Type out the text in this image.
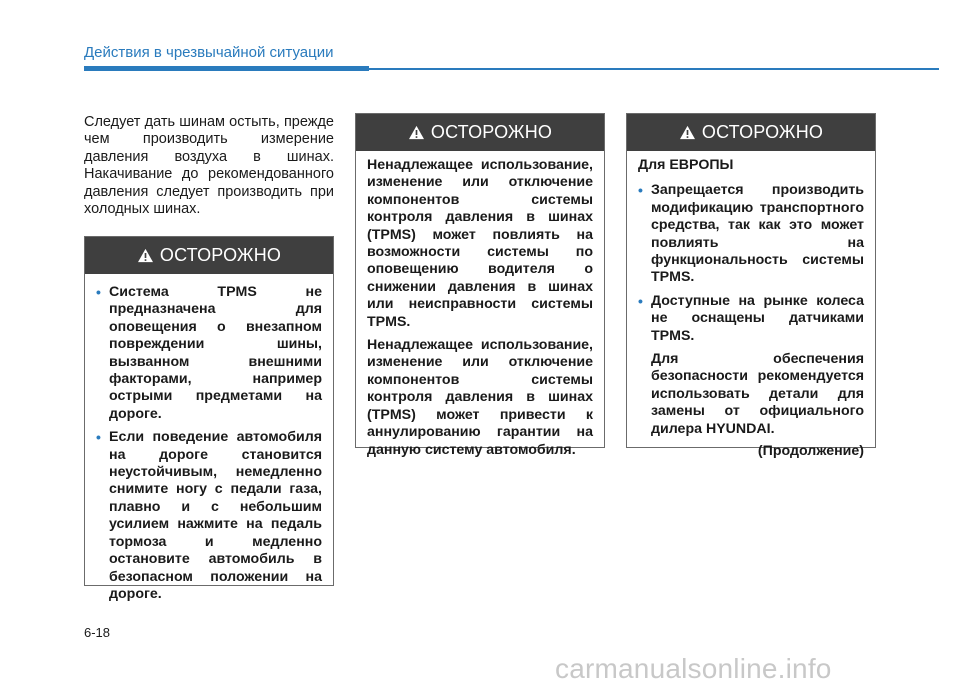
Действия в чрезвычайной ситуации

Следует дать шинам остыть, прежде чем производить измерение давления воздуха в шинах. Накачивание до рекомендованного давления следует производить при холодных шинах.

ОСТОРОЖНО
• Система TPMS не предназначена для оповещения о внезапном повреждении шины, вызванном внешними факторами, например острыми предметами на дороге.
• Если поведение автомобиля на дороге становится неустойчивым, немедленно снимите ногу с педали газа, плавно и с небольшим усилием нажмите на педаль тормоза и медленно остановите автомобиль в безопасном положении на дороге.
ОСТОРОЖНО

Ненадлежащее использование, изменение или отключение компонентов системы контроля давления в шинах (TPMS) может повлиять на возможности системы по оповещению водителя о снижении давления в шинах или неисправности системы TPMS.

Ненадлежащее использование, изменение или отключение компонентов системы контроля давления в шинах (TPMS) может привести к аннулированию гарантии на данную систему автомобиля.

ОСТОРОЖНО

Для ЕВРОПЫ

• Запрещается производить модификацию транспортного средства, так как это может повлиять на функциональность системы TPMS.
• Доступные на рынке колеса не оснащены датчиками TPMS.

Для обеспечения безопасности рекомендуется использовать детали для замены от официального дилера HYUNDAI.

(Продолжение)

6-18
carmanualsonline.info
